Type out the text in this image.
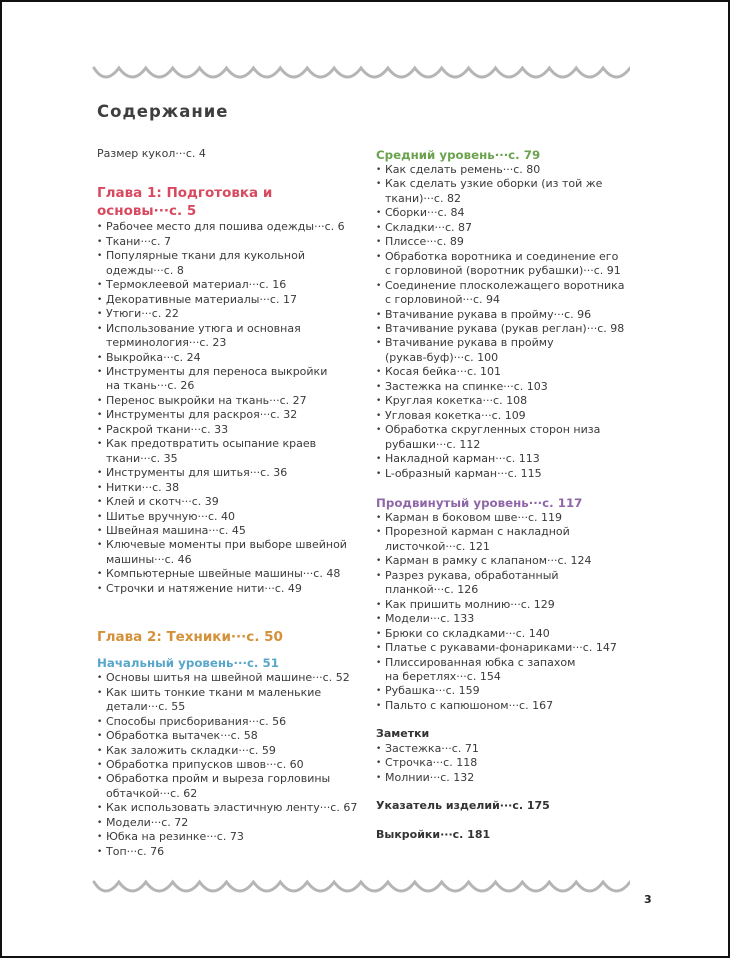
Содержание
Размер кукол···с. 4
Глава 1: Подготовка и основы···с. 5
• Рабочее место для пошива одежды···с. 6
• Ткани···с. 7
• Популярные ткани для кукольной
одежды···с. 8
• Термоклеевой материал···с. 16
• Декоративные материалы···с. 17
• Утюги···с. 22
• Использование утюга и основная
терминология···с. 23
• Выкройка···с. 24
• Инструменты для переноса выкройки
на ткань···с. 26
• Перенос выкройки на ткань···с. 27
• Инструменты для раскроя···с. 32
• Раскрой ткани···с. 33
• Как предотвратить осыпание краев
ткани···с. 35
• Инструменты для шитья···с. 36
• Нитки···с. 38
• Клей и скотч···с. 39
• Шитье вручную···с. 40
• Швейная машина···с. 45
• Ключевые моменты при выборе швейной
машины···с. 46
• Компьютерные швейные машины···с. 48
• Строчки и натяжение нити···с. 49
Глава 2: Техники···с. 50
Начальный уровень···с. 51
• Основы шитья на швейной машине···с. 52
• Как шить тонкие ткани м маленькие
детали···с. 55
• Способы присборивания···с. 56
• Обработка вытачек···с. 58
• Как заложить складки···с. 59
• Обработка припусков швов···с. 60
• Обработка пройм и выреза горловины
обтачкой···с. 62
• Как использовать эластичную ленту···с. 67
• Модели···с. 72
• Юбка на резинке···с. 73
• Топ···с. 76
Средний уровень···с. 79
• Как сделать ремень···с. 80
• Как сделать узкие оборки (из той же
ткани)···с. 82
• Сборки···с. 84
• Складки···с. 87
• Плиссе···с. 89
• Обработка воротника и соединение его
с горловиной (воротник рубашки)···с. 91
• Соединение плосколежащего воротника
с горловиной···с. 94
• Втачивание рукава в пройму···с. 96
• Втачивание рукава (рукав реглан)···с. 98
• Втачивание рукава в пройму
(рукав-буф)···с. 100
• Косая бейка···с. 101
• Застежка на спинке···с. 103
• Круглая кокетка···с. 108
• Угловая кокетка···с. 109
• Обработка скругленных сторон низа
рубашки···с. 112
• Накладной карман···с. 113
• L-образный карман···с. 115
Продвинутый уровень···с. 117
• Карман в боковом шве···с. 119
• Прорезной карман с накладной
листочкой···с. 121
• Карман в рамку с клапаном···с. 124
• Разрез рукава, обработанный
планкой···с. 126
• Как пришить молнию···с. 129
• Модели···с. 133
• Брюки со складками···с. 140
• Платье с рукавами-фонариками···с. 147
• Плиссированная юбка с запахом
на беретлях···с. 154
• Рубашка···с. 159
• Пальто с капюшоном···с. 167
Заметки
• Застежка···с. 71
• Строчка···с. 118
• Молнии···с. 132
Указатель изделий···с. 175
Выкройки···с. 181
3
